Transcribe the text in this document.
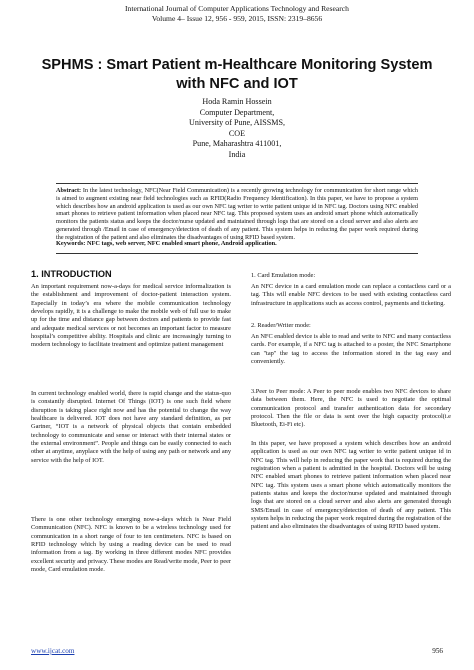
International Journal of Computer Applications Technology and Research
Volume 4– Issue 12, 956 - 959, 2015, ISSN: 2319–8656
SPHMS : Smart Patient m-Healthcare Monitoring System
with NFC and IOT
Hoda Ramin Hossein
Computer Department,
University of Pune, AISSMS,
COE
Pune, Maharashtra 411001,
India
Abstract: In the latest technology, NFC(Near Field Communication) is a recently growing technology for communication for short range which is aimed to augment existing near field technologies such as RFID(Radio Frequency Identification). In this paper, we have to propose a system which describes how an android application is used as our own NFC tag writer to write patient unique id in NFC tag. Doctors using NFC enabled smart phones to retrieve patient information when placed near NFC tag. This proposed system uses an android smart phone which automatically monitors the patients status and keeps the doctor/nurse updated and maintained through logs that are stored on a cloud server and also alerts are generated through /Email in case of emergency/detection of death of any patient. This system helps in reducing the paper work required during the registration of the patient and also eliminates the disadvantages of using RFID based system.
Keywords: NFC tags, web server, NFC enabled smart phone, Android application.
1. INTRODUCTION

An important requirement now-a-days for medical service informalization is the establishment and improvement of doctor-patient interaction system. Especially in today’s era where the mobile communication technology develops rapidly, it is a challenge to make the mobile web of full use to make up for the time and distance gap between doctors and patients to provide fast and adequate medical services or not becomes an important factor to measure hospital’s competitive ability. Hospitals and clinic are increasingly turning to modern technology to facilitate treatment and optimize patient management

In current technology enabled world, there is rapid change and the status-quo is constantly disrupted. Internet Of Things (IOT) is one such field where disruption is taking place right now and has the potential to change the way healthcare is delivered. IOT does not have any standard definition, as per Gartner, “IOT is a network of physical objects that contain embedded technology to communicate and sense or interact with their internal states or the external environment”. People and things can be easily connected to each other at anytime, anyplace with the help of using any path or network and any service with the help of IOT.

There is one other technology emerging now-a-days which is Near Field Communication (NFC). NFC is known to be a wireless technology used for communication in a short range of four to ten centimeters. NFC is based on RFID technology which by using a reading device can be used to read information from a tag. By working in three different modes NFC provides excellent security and privacy. These modes are Read/write mode, Peer to peer mode, Card emulation mode.

1. Card Emulation mode:

An NFC device in a card emulation mode can replace a contactless card or a tag. This will enable NFC devices to be used with existing contactless card infrastructure in applications such as access control, payments and ticketing.

2. Reader/Writer mode:

An NFC enabled device is able to read and write to NFC and many contactless cards. For example, if a NFC tag is attached to a poster, the NFC Smartphone can "tap" the tag to access the information stored in the tag easy and conveniently.

3.Peer to Peer mode: A Peer to peer mode enables two NFC devices to share data between them. Here, the NFC is used to negotiate the optimal communication protocol and transfer authentication data for secondary protocol. Then the file or data is sent over the high capacity protocol(i.e Bluetooth, Ei-Fi etc).

In this paper, we have proposed a system which describes how an android application is used as our own NFC tag writer to write patient unique id in NFC tag. This will help in reducing the paper work that is required during the registration when a patient is admitted in the hospital. Doctors will be using NFC enabled smart phones to retrieve patient information when placed near NFC tag. This system uses a smart phone which automatically monitors the patients status and keeps the doctor/nurse updated and maintained through logs that are stored on a cloud server and also alerts are generated through SMS/Email in case of emergency/detection of death of any patient. This system helps in reducing the paper work required during the registration of the patient and also eliminates the disadvantages of using RFID based system.

www.ijcat.com	956
